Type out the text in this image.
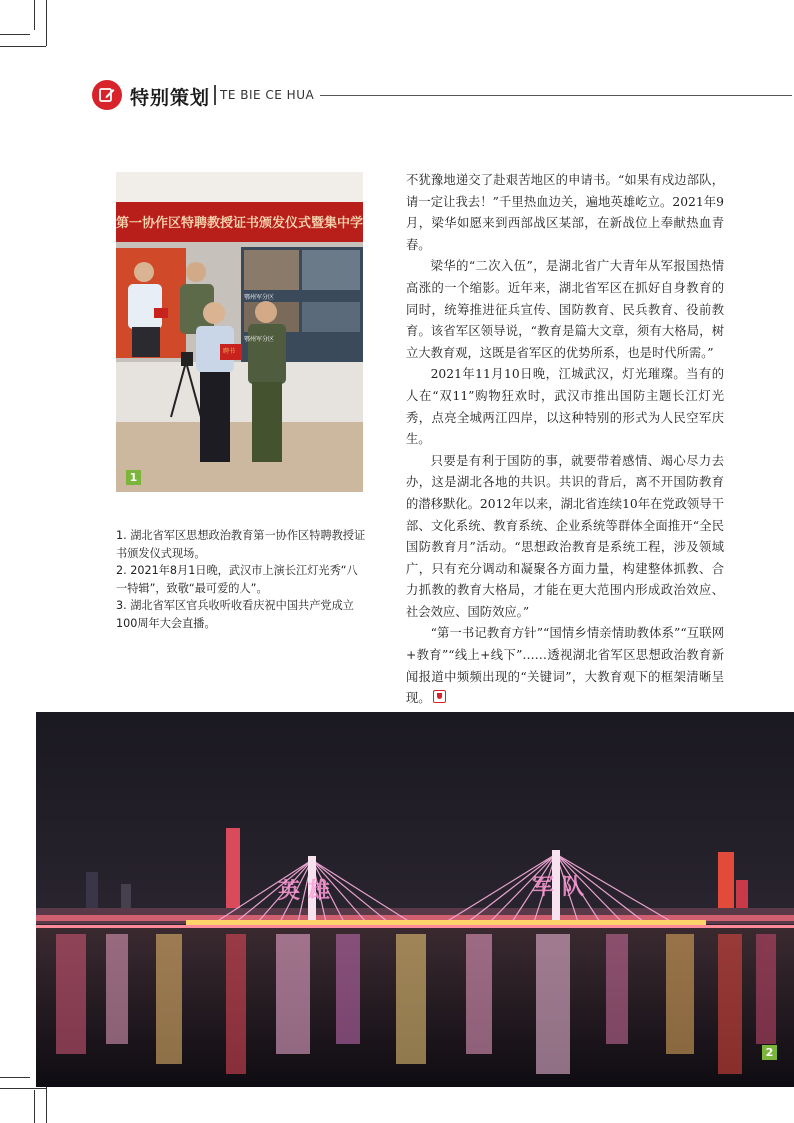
特别策划 TE BIE CE HUA
第一协作区特聘教授证书颁发仪式暨集中学
鄂州军分区
鄂州军分区
聘书
1

1. 湖北省军区思想政治教育第一协作区特聘教授证书颁发仪式现场。

2. 2021年8月1日晚，武汉市上演长江灯光秀“八一特辑”，致敬“最可爱的人”。

3. 湖北省军区官兵收听收看庆祝中国共产党成立100周年大会直播。

不犹豫地递交了赴艰苦地区的申请书。“如果有戍边部队，请一定让我去！”千里热血边关，遍地英雄屹立。2021年9月，梁华如愿来到西部战区某部，在新战位上奉献热血青春。

梁华的“二次入伍”，是湖北省广大青年从军报国热情高涨的一个缩影。近年来，湖北省军区在抓好自身教育的同时，统筹推进征兵宣传、国防教育、民兵教育、役前教育。该省军区领导说，“教育是篇大文章，须有大格局，树立大教育观，这既是省军区的优势所系，也是时代所需。”

2021年11月10日晚，江城武汉，灯光璀璨。当有的人在“双11”购物狂欢时，武汉市推出国防主题长江灯光秀，点亮全城两江四岸，以这种特别的形式为人民空军庆生。

只要是有利于国防的事，就要带着感情、竭心尽力去办，这是湖北各地的共识。共识的背后，离不开国防教育的潜移默化。2012年以来，湖北省连续10年在党政领导干部、文化系统、教育系统、企业系统等群体全面推开“全民国防教育月”活动。“思想政治教育是系统工程，涉及领域广，只有充分调动和凝聚各方面力量，构建整体抓教、合力抓教的教育大格局，才能在更大范围内形成政治效应、社会效应、国防效应。”

“第一书记教育方针”“国情乡情亲情助教体系”“互联网+教育”“线上+线下”……透视湖北省军区思想政治教育新闻报道中频频出现的“关键词”，大教育观下的框架清晰呈现。

英雄	军队
2
